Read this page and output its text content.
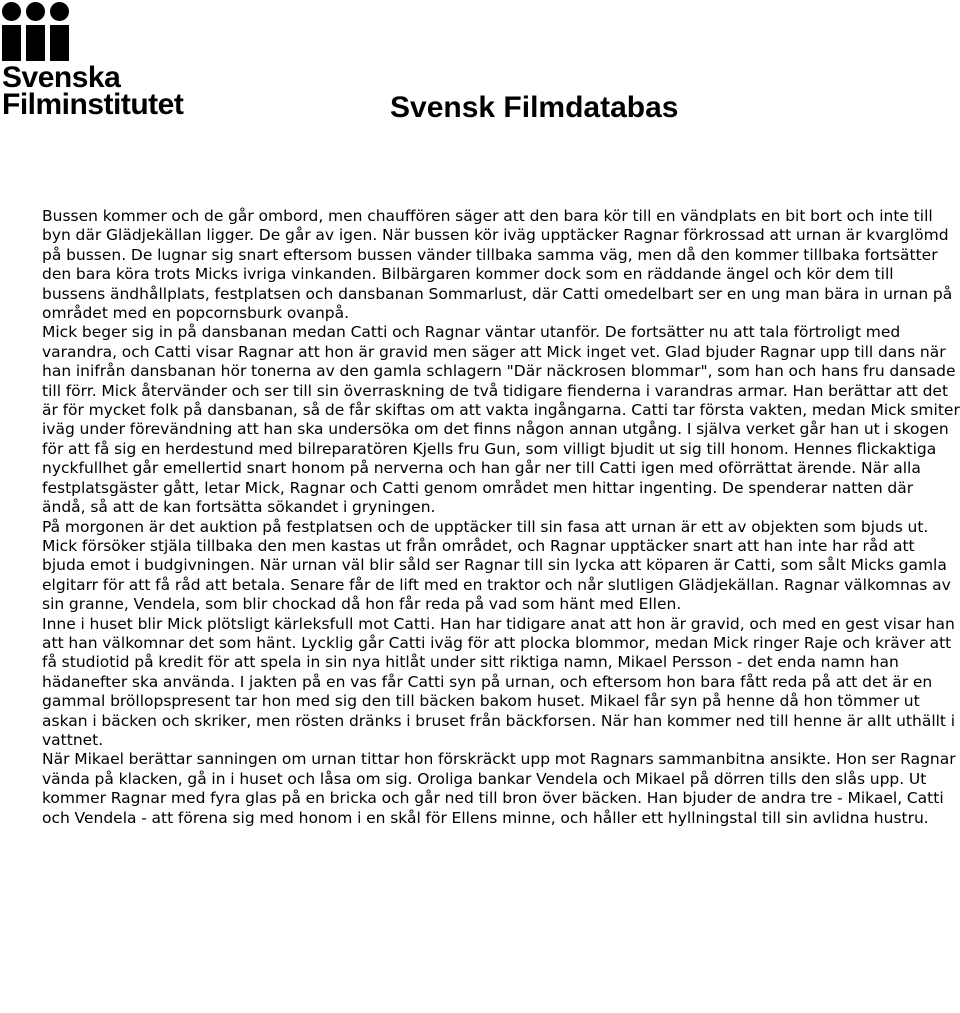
Svenska
Filminstitutet	Svensk Filmdatabas
Bussen kommer och de går ombord, men chauffören säger att den bara kör till en vändplats en bit bort och inte till byn där Glädjekällan ligger. De går av igen. När bussen kör iväg upptäcker Ragnar förkrossad att urnan är kvarglömd på bussen. De lugnar sig snart eftersom bussen vänder tillbaka samma väg, men då den kommer tillbaka fortsätter den bara köra trots Micks ivriga vinkanden. Bilbärgaren kommer dock som en räddande ängel och kör dem till bussens ändhållplats, festplatsen och dansbanan Sommarlust, där Catti omedelbart ser en ung man bära in urnan på området med en popcornsburk ovanpå.
Mick beger sig in på dansbanan medan Catti och Ragnar väntar utanför. De fortsätter nu att tala förtroligt med varandra, och Catti visar Ragnar att hon är gravid men säger att Mick inget vet. Glad bjuder Ragnar upp till dans när han inifrån dansbanan hör tonerna av den gamla schlagern "Där näckrosen blommar", som han och hans fru dansade till förr. Mick återvänder och ser till sin överraskning de två tidigare fienderna i varandras armar. Han berättar att det är för mycket folk på dansbanan, så de får skiftas om att vakta ingångarna. Catti tar första vakten, medan Mick smiter iväg under förevändning att han ska undersöka om det finns någon annan utgång. I själva verket går han ut i skogen för att få sig en herdestund med bilreparatören Kjells fru Gun, som villigt bjudit ut sig till honom. Hennes flickaktiga nyckfullhet går emellertid snart honom på nerverna och han går ner till Catti igen med oförrättat ärende. När alla festplatsgäster gått, letar Mick, Ragnar och Catti genom området men hittar ingenting. De spenderar natten där ändå, så att de kan fortsätta sökandet i gryningen.
På morgonen är det auktion på festplatsen och de upptäcker till sin fasa att urnan är ett av objekten som bjuds ut. Mick försöker stjäla tillbaka den men kastas ut från området, och Ragnar upptäcker snart att han inte har råd att bjuda emot i budgivningen. När urnan väl blir såld ser Ragnar till sin lycka att köparen är Catti, som sålt Micks gamla elgitarr för att få råd att betala. Senare får de lift med en traktor och når slutligen Glädjekällan. Ragnar välkomnas av sin granne, Vendela, som blir chockad då hon får reda på vad som hänt med Ellen.
Inne i huset blir Mick plötsligt kärleksfull mot Catti. Han har tidigare anat att hon är gravid, och med en gest visar han att han välkomnar det som hänt. Lycklig går Catti iväg för att plocka blommor, medan Mick ringer Raje och kräver att få studiotid på kredit för att spela in sin nya hitlåt under sitt riktiga namn, Mikael Persson - det enda namn han hädanefter ska använda. I jakten på en vas får Catti syn på urnan, och eftersom hon bara fått reda på att det är en gammal bröllopspresent tar hon med sig den till bäcken bakom huset. Mikael får syn på henne då hon tömmer ut askan i bäcken och skriker, men rösten dränks i bruset från bäckforsen. När han kommer ned till henne är allt uthällt i vattnet.
När Mikael berättar sanningen om urnan tittar hon förskräckt upp mot Ragnars sammanbitna ansikte. Hon ser Ragnar vända på klacken, gå in i huset och låsa om sig. Oroliga bankar Vendela och Mikael på dörren tills den slås upp. Ut kommer Ragnar med fyra glas på en bricka och går ned till bron över bäcken. Han bjuder de andra tre - Mikael, Catti och Vendela - att förena sig med honom i en skål för Ellens minne, och håller ett hyllningstal till sin avlidna hustru.
